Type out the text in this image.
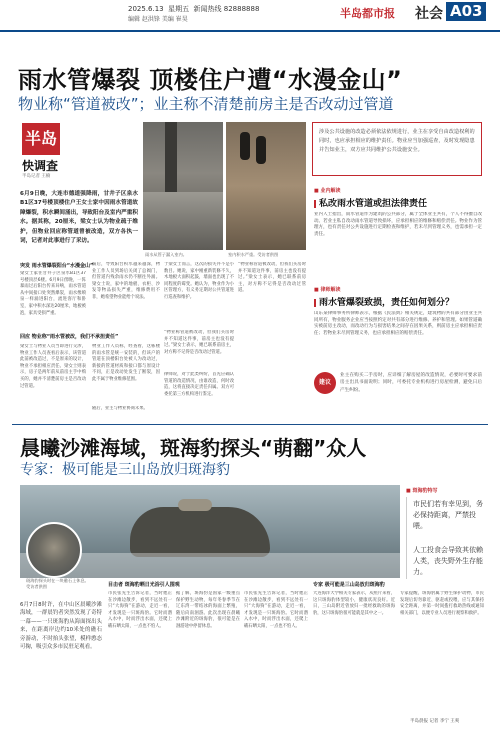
2025.6.13 星期五 新闻热线 82888888
编辑 赵洪锋 美编 崔昊	半岛都市报 社会 A03
雨水管爆裂 顶楼住户遭“水漫金山”
物业称“管道被改”；业主称不清楚前房主是否改动过管道
半岛
快调查
半岛记者 王楠
6月9日晚，大连市德道强降雨，甘井子区泉水B1区37号楼顶楼住户王女士家中因雨水管道故障爆裂，积水瞬间涌出，导致阳台及室内严重积水。据其称，20厘米，梁女士认为物业疏于维护，但物业回应称管道曾被改造，双方各执一词，记者对此事进行了采访。
雨水从管子漏入室内。	室内积水严重。受访者供图
涉及公共设施的改造必须依法依规进行，业主在享受自由改造权利的同时，也应承担相应的维护责任。物业应当加强巡查，及时发现隐患并告知业主，双方应共同维护公共设施安全。
突发 雨水管爆裂阳台“水漫金山”
梁女士家住甘井子区泉水B1区37号楼顶层6楼。6月9日傍晚，一阵暴雨过后阳台传来异响，雨水管道从中间接口处突然爆裂，雨水像喷泉一样涌进阳台，流进客厅和卧室，家中积水深达20厘米，地板被泡，家具受损严重。
回应 物业称“雨水管被改，我们不承担责任”
梁女士与物业人员当即进行交涉，物业工作人员查看后表示，该管道此前被改造过，不是原来的设计，物业不承担相应责任。梁女士则表示，房子是两年前从前房主手中购买的，她并不清楚前房主是否改动过管道。
漏后，导致阳台积水越来越深，物业工作人员到场后关闭了总阀门，但管道内残余雨水仍不断往外涌。梁女士说，家中的地板、衣柜、沙发等物品损失严重，维修费用不菲，她希望物业能给个说法。
物业工作人员称，经查看，这栋楼的雨水管是统一安装的，但该户的管道在顶楼阳台处被人为改动过，新接的管道材质和接口都与原设计不同，正是改动处发生了断裂，因此不属于物业维修范围。
随后，业主与物业协商未果。
于梁女士而言，这次的损失并不是小数目。她说，家中刚重新装修不久，木地板大面积起鼓，墙面也出现了不同程度的霉变。她认为，物业作为小区管理方，有义务定期对公共管道进行巡查和维护。
“物业称管道被改动，但我们买房时并不知道这件事，前房主也没有提过。”梁女士表示，她已联系前房主，对方称不记得是否改动过管道。
律师说，对于此类纠纷，首先应确认管道的改造情况，由谁改造、何时改造，这将直接决定责任归属。双方可委托第三方机构进行鉴定。
“物业称管道被改动，但我们买房时并不知道这件事，前房主也没有提过。”梁女士表示，她已联系前房主，对方称不记得是否改动过管道。
■ 业内解读
私改雨水管道或担法律责任
业内人士指出，雨水管道作为建筑的公共部分，属于全体业主共有，个人不得擅自改动。若业主私自改动雨水管道导致损坏，应承担相应的维修和赔偿责任。物业作为管理方，也有责任对公共设施进行定期检查和维护，若未尽到管理义务，也需承担一定责任。
■ 律师解读
雨水管爆裂致损，责任如何划分？
山东某律师事务所律师表示，根据《民法典》相关规定，建筑物的共有部分由业主共同所有，物业服务企业应当按照约定对共有部分进行维修、养护和管理。如果管道确实被前房主改动，而改动行为与损害结果之间存在因果关系，则前房主应承担相应责任；若物业未尽到管理义务，也应承担相应的赔偿责任。
建议
业主在购买二手房时，应详细了解房屋的改造情况，必要时可要求前房主出具书面说明；同时，可委托专业机构进行房屋检测，避免日后产生纠纷。
晨曦沙滩海域，斑海豹探头“萌翻”众人
专家：极可能是三山岛放归斑海豹
斑海豹探头时在一块礁石上休息。受访者供图
■ 斑海豹特写
市民们若有幸见到，务必保持距离，严禁投喂。
人工投食会导致其依赖人类，丧失野外生存能力。
目击者 斑海豹晒日光浴引人围观	专家 极可能是三山岛放归斑海豹
6月7日8时许，在中山区晨曦沙滩海域，一群晨钓者突然发现了奇特一幕——一只斑海豹从海面探出头来，在距离岸边约10米处的礁石旁游动，不时抬头张望，模样憨态可掬，吸引众多市民驻足观看。
市民张先生告诉记者，当时他正在沙滩边散步，看到不远处有一只“大海狗”在游动，走近一看，才发现是一只斑海豹。它时而潜入水中，时而浮出水面，还爬上礁石晒太阳，一点也不怕人。
据了解，斑海豹是国家一级重点保护野生动物，每年冬春季节在辽东湾一带结冰的海面上繁殖，随后向南洄游。此次出现在晨曦沙滩附近的斑海豹，很可能是在洄游途中停留休息。
市民张先生告诉记者，当时他正在沙滩边散步，看到不远处有一只“大海狗”在游动，走近一看，才发现是一只斑海豹。它时而潜入水中，时而浮出水面，还爬上礁石晒太阳，一点也不怕人。
大连海洋大学相关专家表示，从照片来看，这只斑海豹体型较小，健康状况良好。近日，三山岛附近曾放归一批经救助的斑海豹，这只斑海豹很可能就是其中之一。
专家提醒，斑海豹属于野生保护动物，市民发现后切勿靠近、驱赶或投喂，应与其保持安全距离，并第一时间拨打救助热线或通知相关部门，以便专业人员进行观察和救护。
半岛晨报 记者 李宁 王爽
